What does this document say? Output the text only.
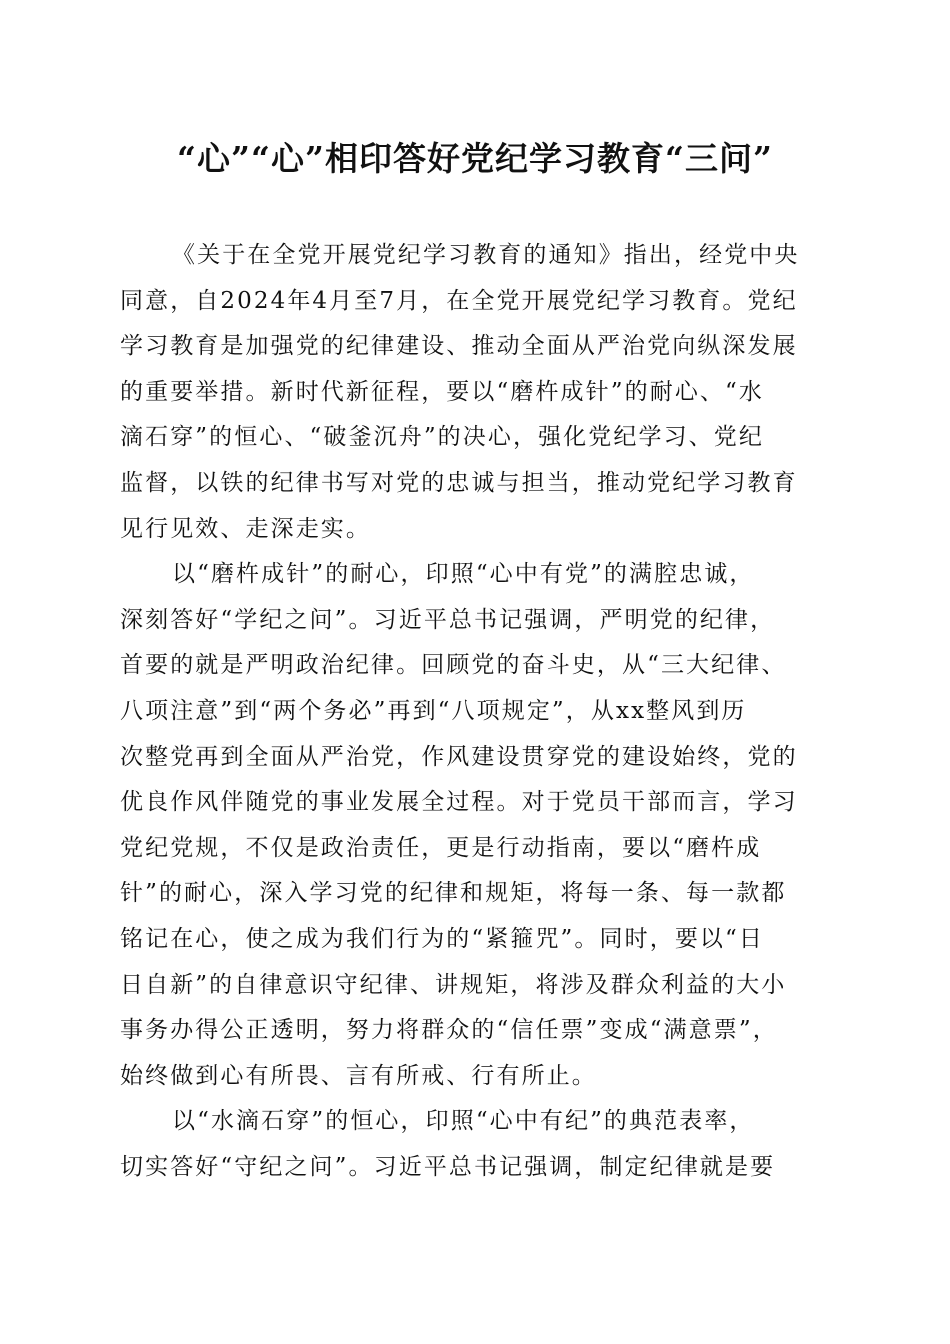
“心”“心”相印答好党纪学习教育“三问”

《关于在全党开展党纪学习教育的通知》指出，经党中央
同意，自2024年4月至7月，在全党开展党纪学习教育。党纪
学习教育是加强党的纪律建设、推动全面从严治党向纵深发展
的重要举措。新时代新征程，要以“磨杵成针”的耐心、“水
滴石穿”的恒心、“破釜沉舟”的决心，强化党纪学习、党纪
监督，以铁的纪律书写对党的忠诚与担当，推动党纪学习教育
见行见效、走深走实。

以“磨杵成针”的耐心，印照“心中有党”的满腔忠诚，
深刻答好“学纪之问”。习近平总书记强调，严明党的纪律，
首要的就是严明政治纪律。回顾党的奋斗史，从“三大纪律、
八项注意”到“两个务必”再到“八项规定”，从xx整风到历
次整党再到全面从严治党，作风建设贯穿党的建设始终，党的
优良作风伴随党的事业发展全过程。对于党员干部而言，学习
党纪党规，不仅是政治责任，更是行动指南，要以“磨杵成
针”的耐心，深入学习党的纪律和规矩，将每一条、每一款都
铭记在心，使之成为我们行为的“紧箍咒”。同时，要以“日
日自新”的自律意识守纪律、讲规矩，将涉及群众利益的大小
事务办得公正透明，努力将群众的“信任票”变成“满意票”，
始终做到心有所畏、言有所戒、行有所止。

以“水滴石穿”的恒心，印照“心中有纪”的典范表率，
切实答好“守纪之问”。习近平总书记强调，制定纪律就是要
